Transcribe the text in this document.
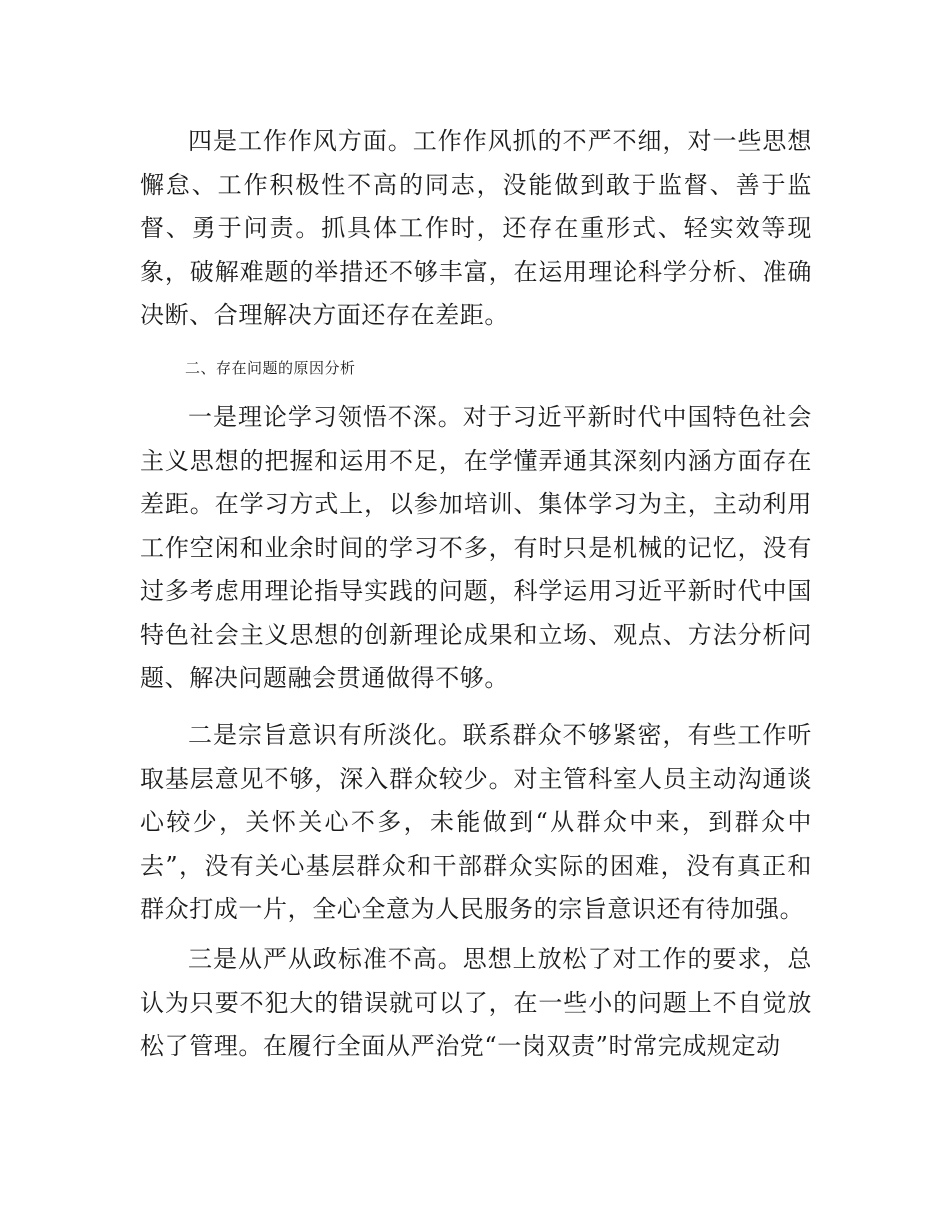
四是工作作风方面。工作作风抓的不严不细，对一些思想懈怠、工作积极性不高的同志，没能做到敢于监督、善于监督、勇于问责。抓具体工作时，还存在重形式、轻实效等现象，破解难题的举措还不够丰富，在运用理论科学分析、准确决断、合理解决方面还存在差距。

二、存在问题的原因分析

一是理论学习领悟不深。对于习近平新时代中国特色社会主义思想的把握和运用不足，在学懂弄通其深刻内涵方面存在差距。在学习方式上，以参加培训、集体学习为主，主动利用工作空闲和业余时间的学习不多，有时只是机械的记忆，没有过多考虑用理论指导实践的问题，科学运用习近平新时代中国特色社会主义思想的创新理论成果和立场、观点、方法分析问题、解决问题融会贯通做得不够。

二是宗旨意识有所淡化。联系群众不够紧密，有些工作听取基层意见不够，深入群众较少。对主管科室人员主动沟通谈心较少，关怀关心不多，未能做到“从群众中来，到群众中去”，没有关心基层群众和干部群众实际的困难，没有真正和群众打成一片，全心全意为人民服务的宗旨意识还有待加强。

三是从严从政标准不高。思想上放松了对工作的要求，总认为只要不犯大的错误就可以了，在一些小的问题上不自觉放松了管理。在履行全面从严治党“一岗双责”时常完成规定动
